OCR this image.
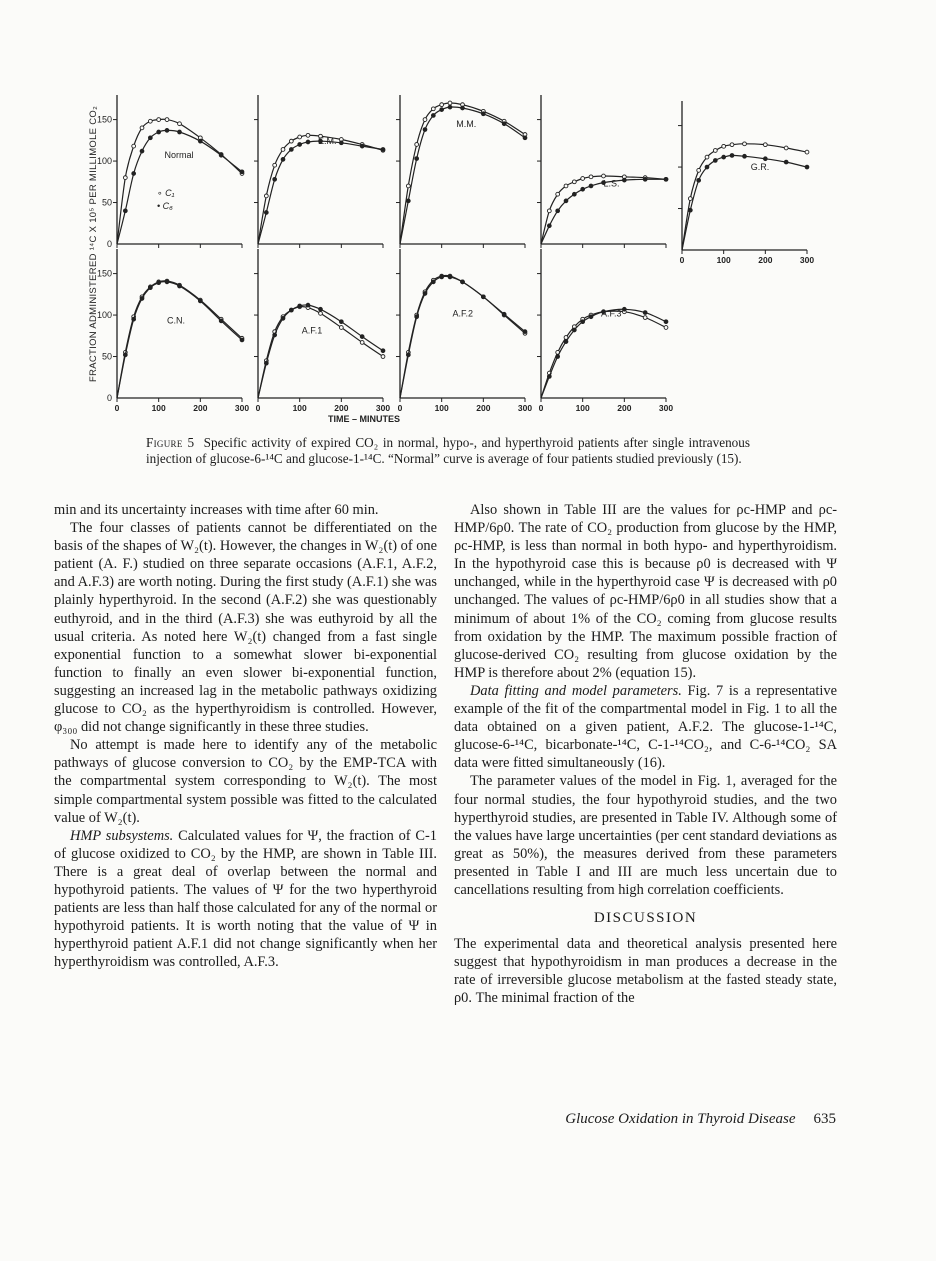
0
50
100
150
Normal
∘ C₁
• C₆
E.M.
M.M.
L.S.
0	100	200	300
G.R.
0
50
100
150
0	100	200	300
C.N.
0	100	200	300
A.F.1
0	100	200	300
A.F.2
0	100	200	300
A.F.3
FRACTION ADMINISTERED ¹⁴C X 10⁵ PER MILLIMOLE CO₂
TIME – MINUTES
Figure 5 Specific activity of expired CO₂ in normal, hypo-, and hyperthyroid patients after single intravenous injection of glucose-6-¹⁴C and glucose-1-¹⁴C. “Normal” curve is average of four patients studied previously (15).

min and its uncertainty increases with time after 60 min.

The four classes of patients cannot be differentiated on the basis of the shapes of W₂(t). However, the changes in W₂(t) of one patient (A. F.) studied on three separate occasions (A.F.1, A.F.2, and A.F.3) are worth noting. During the first study (A.F.1) she was plainly hyperthyroid. In the second (A.F.2) she was questionably euthyroid, and in the third (A.F.3) she was euthyroid by all the usual criteria. As noted here W₂(t) changed from a fast single exponential function to a somewhat slower bi-exponential function to finally an even slower bi-exponential function, suggesting an increased lag in the metabolic pathways oxidizing glucose to CO₂ as the hyperthyroidism is controlled. However, φ₃₀₀ did not change significantly in these three studies.

No attempt is made here to identify any of the metabolic pathways of glucose conversion to CO₂ by the EMP-TCA with the compartmental system corresponding to W₂(t). The most simple compartmental system possible was fitted to the calculated value of W₂(t).

HMP subsystems. Calculated values for Ψ, the fraction of C-1 of glucose oxidized to CO₂ by the HMP, are shown in Table III. There is a great deal of overlap between the normal and hypothyroid patients. The values of Ψ for the two hyperthyroid patients are less than half those calculated for any of the normal or hypothyroid patients. It is worth noting that the value of Ψ in hyperthyroid patient A.F.1 did not change significantly when her hyperthyroidism was controlled, A.F.3.

Also shown in Table III are the values for ρc-HMP and ρc-HMP/6ρ0. The rate of CO₂ production from glucose by the HMP, ρc-HMP, is less than normal in both hypo- and hyperthyroidism. In the hypothyroid case this is because ρ0 is decreased with Ψ unchanged, while in the hyperthyroid case Ψ is decreased with ρ0 unchanged. The values of ρc-HMP/6ρ0 in all studies show that a minimum of about 1% of the CO₂ coming from glucose results from oxidation by the HMP. The maximum possible fraction of glucose-derived CO₂ resulting from glucose oxidation by the HMP is therefore about 2% (equation 15).

Data fitting and model parameters. Fig. 7 is a representative example of the fit of the compartmental model in Fig. 1 to all the data obtained on a given patient, A.F.2. The glucose-1-¹⁴C, glucose-6-¹⁴C, bicarbonate-¹⁴C, C-1-¹⁴CO₂, and C-6-¹⁴CO₂ SA data were fitted simultaneously (16).

The parameter values of the model in Fig. 1, averaged for the four normal studies, the four hypothyroid studies, and the two hyperthyroid studies, are presented in Table IV. Although some of the values have large uncertainties (per cent standard deviations as great as 50%), the measures derived from these parameters presented in Table I and III are much less uncertain due to cancellations resulting from high correlation coefficients.

DISCUSSION

The experimental data and theoretical analysis presented here suggest that hypothyroidism in man produces a decrease in the rate of irreversible glucose metabolism at the fasted steady state, ρ0. The minimal fraction of the

Glucose Oxidation in Thyroid Disease 635
